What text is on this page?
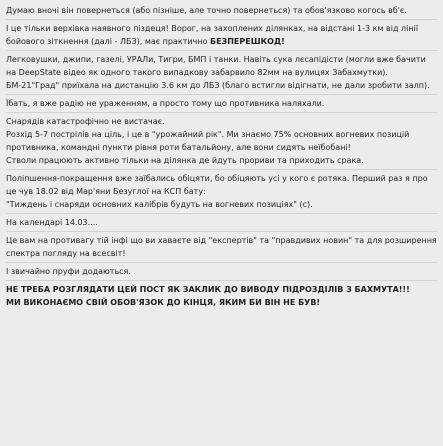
Думаю вночі він повернеться (або пізніше, але точно повернеться) та обов'язково когось вб'є.
І це тільки верхівка наявного піздеця! Ворог, на захоплених ділянках, на відстані 1-3 км від лінії бойового зіткнення (далі - ЛБЗ), має практично БЕЗПЕРЕШКОД!
Легковушки, джипи, газелі, УРАЛи, Тигри, БМП і танки. Навіть сука лєсапідісти (могли вже бачити на DeepState відео як одного такого випадкову забарвило 82мм на вулицях Забахмутки). БМ-21"Град" приїхала на дистанцію 3.6 км до ЛБЗ (благо встигли відігнати, не дали зробити залп).
Їбать, я вже радію не ураженням, а просто тому що противника наляхали.
Снарядів катастрофічно не вистачає.
Розхід 5-7 пострілів на ціль, і це в "урожайний рік". Ми знаємо 75% основних вогневих позицій противника, командні пункти рівня роти батальйону, але вони сидять неїбобані!
Стволи працюють активно тільки на ділянка де йдуть прориви та приходить срака.
Поліпшення-покращення вже заїбались обіцяти, бо обіцяють усі у кого є ротяка. Перший раз я про це чув 18.02 від Мар'яни Безуглої на КСП бату:
"Тиждень і снаряди основних калібрів будуть на вогневих позиціях" (с).
На календарі 14.03....
Це вам на противагу тій інфі що ви хаваєте від "експертів" та "правдивих новин" та для розширення спектра погляду на всесвіт!
І звичайно пруфи додаються.
НЕ ТРЕБА РОЗГЛЯДАТИ ЦЕЙ ПОСТ ЯК ЗАКЛИК ДО ВИВОДУ ПІДРОЗДІЛІВ З БАХМУТА!!!
МИ ВИКОНАЄМО СВІЙ ОБОВ'ЯЗОК ДО КІНЦЯ, ЯКИМ БИ ВІН НЕ БУВ!
